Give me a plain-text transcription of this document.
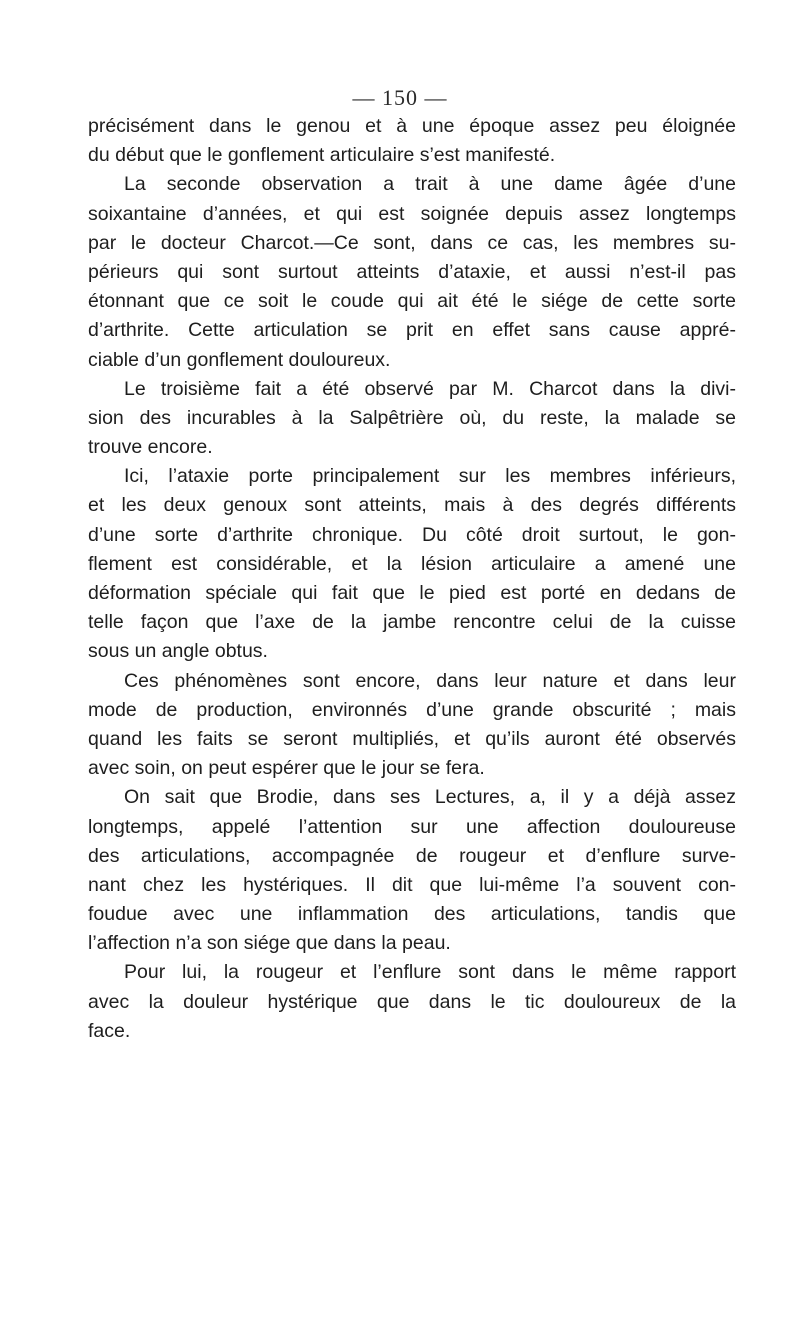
— 150 —
précisément dans le genou et à une époque assez peu éloignée
du début que le gonflement articulaire s’est manifesté.
La seconde observation a trait à une dame âgée d’une
soixantaine d’années, et qui est soignée depuis assez longtemps
par le docteur Charcot.—Ce sont, dans ce cas, les membres su-
périeurs qui sont surtout atteints d’ataxie, et aussi n’est-il pas
étonnant que ce soit le coude qui ait été le siége de cette sorte
d’arthrite. Cette articulation se prit en effet sans cause appré-
ciable d’un gonflement douloureux.
Le troisième fait a été observé par M. Charcot dans la divi-
sion des incurables à la Salpêtrière où, du reste, la malade se
trouve encore.
Ici, l’ataxie porte principalement sur les membres inférieurs,
et les deux genoux sont atteints, mais à des degrés différents
d’une sorte d’arthrite chronique. Du côté droit surtout, le gon-
flement est considérable, et la lésion articulaire a amené une
déformation spéciale qui fait que le pied est porté en dedans de
telle façon que l’axe de la jambe rencontre celui de la cuisse
sous un angle obtus.
Ces phénomènes sont encore, dans leur nature et dans leur
mode de production, environnés d’une grande obscurité ; mais
quand les faits se seront multipliés, et qu’ils auront été observés
avec soin, on peut espérer que le jour se fera.
On sait que Brodie, dans ses Lectures, a, il y a déjà assez
longtemps, appelé l’attention sur une affection douloureuse
des articulations, accompagnée de rougeur et d’enflure surve-
nant chez les hystériques. Il dit que lui-même l’a souvent con-
foudue avec une inflammation des articulations, tandis que
l’affection n’a son siége que dans la peau.
Pour lui, la rougeur et l’enflure sont dans le même rapport
avec la douleur hystérique que dans le tic douloureux de la
face.
